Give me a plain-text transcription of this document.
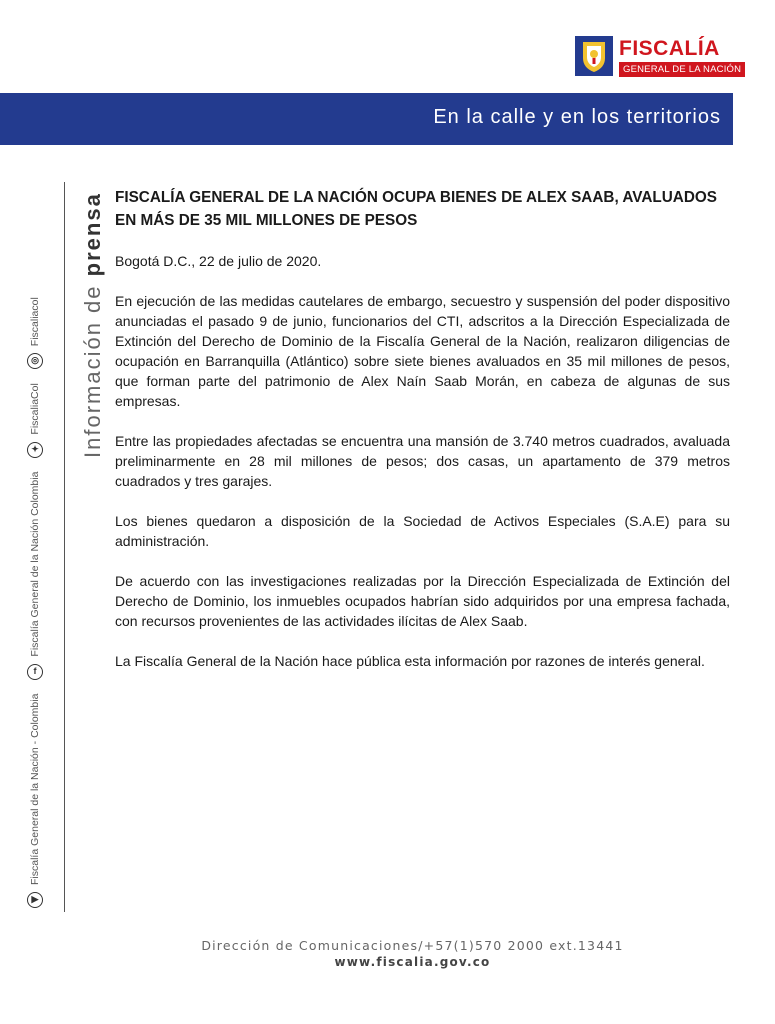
FISCALÍA
GENERAL DE LA NACIÓN
En la calle y en los territorios
Información de prensa
▶
Fiscalía General de la Nación - Colombia
f
Fiscalía General de la Nación Colombia
✦
FiscaliaCol
◎
Fiscaliacol
FISCALÍA GENERAL DE LA NACIÓN OCUPA BIENES DE ALEX SAAB, AVALUADOS EN MÁS DE 35 MIL MILLONES DE PESOS

Bogotá D.C., 22 de julio de 2020.

En ejecución de las medidas cautelares de embargo, secuestro y suspensión del poder dispositivo anunciadas el pasado 9 de junio, funcionarios del CTI, adscritos a la Dirección Especializada de Extinción del Derecho de Dominio de la Fiscalía General de la Nación, realizaron diligencias de ocupación en Barranquilla (Atlántico) sobre siete bienes avaluados en 35 mil millones de pesos, que forman parte del patrimonio de Alex Naín Saab Morán, en cabeza de algunas de sus empresas.

Entre las propiedades afectadas se encuentra una mansión de 3.740 metros cuadrados, avaluada preliminarmente en 28 mil millones de pesos; dos casas, un apartamento de 379 metros cuadrados y tres garajes.

Los bienes quedaron a disposición de la Sociedad de Activos Especiales (S.A.E) para su administración.

De acuerdo con las investigaciones realizadas por la Dirección Especializada de Extinción del Derecho de Dominio, los inmuebles ocupados habrían sido adquiridos por una empresa fachada, con recursos provenientes de las actividades ilícitas de Alex Saab.

La Fiscalía General de la Nación hace pública esta información por razones de interés general.

Dirección de Comunicaciones/+57(1)570 2000 ext.13441
www.fiscalia.gov.co
